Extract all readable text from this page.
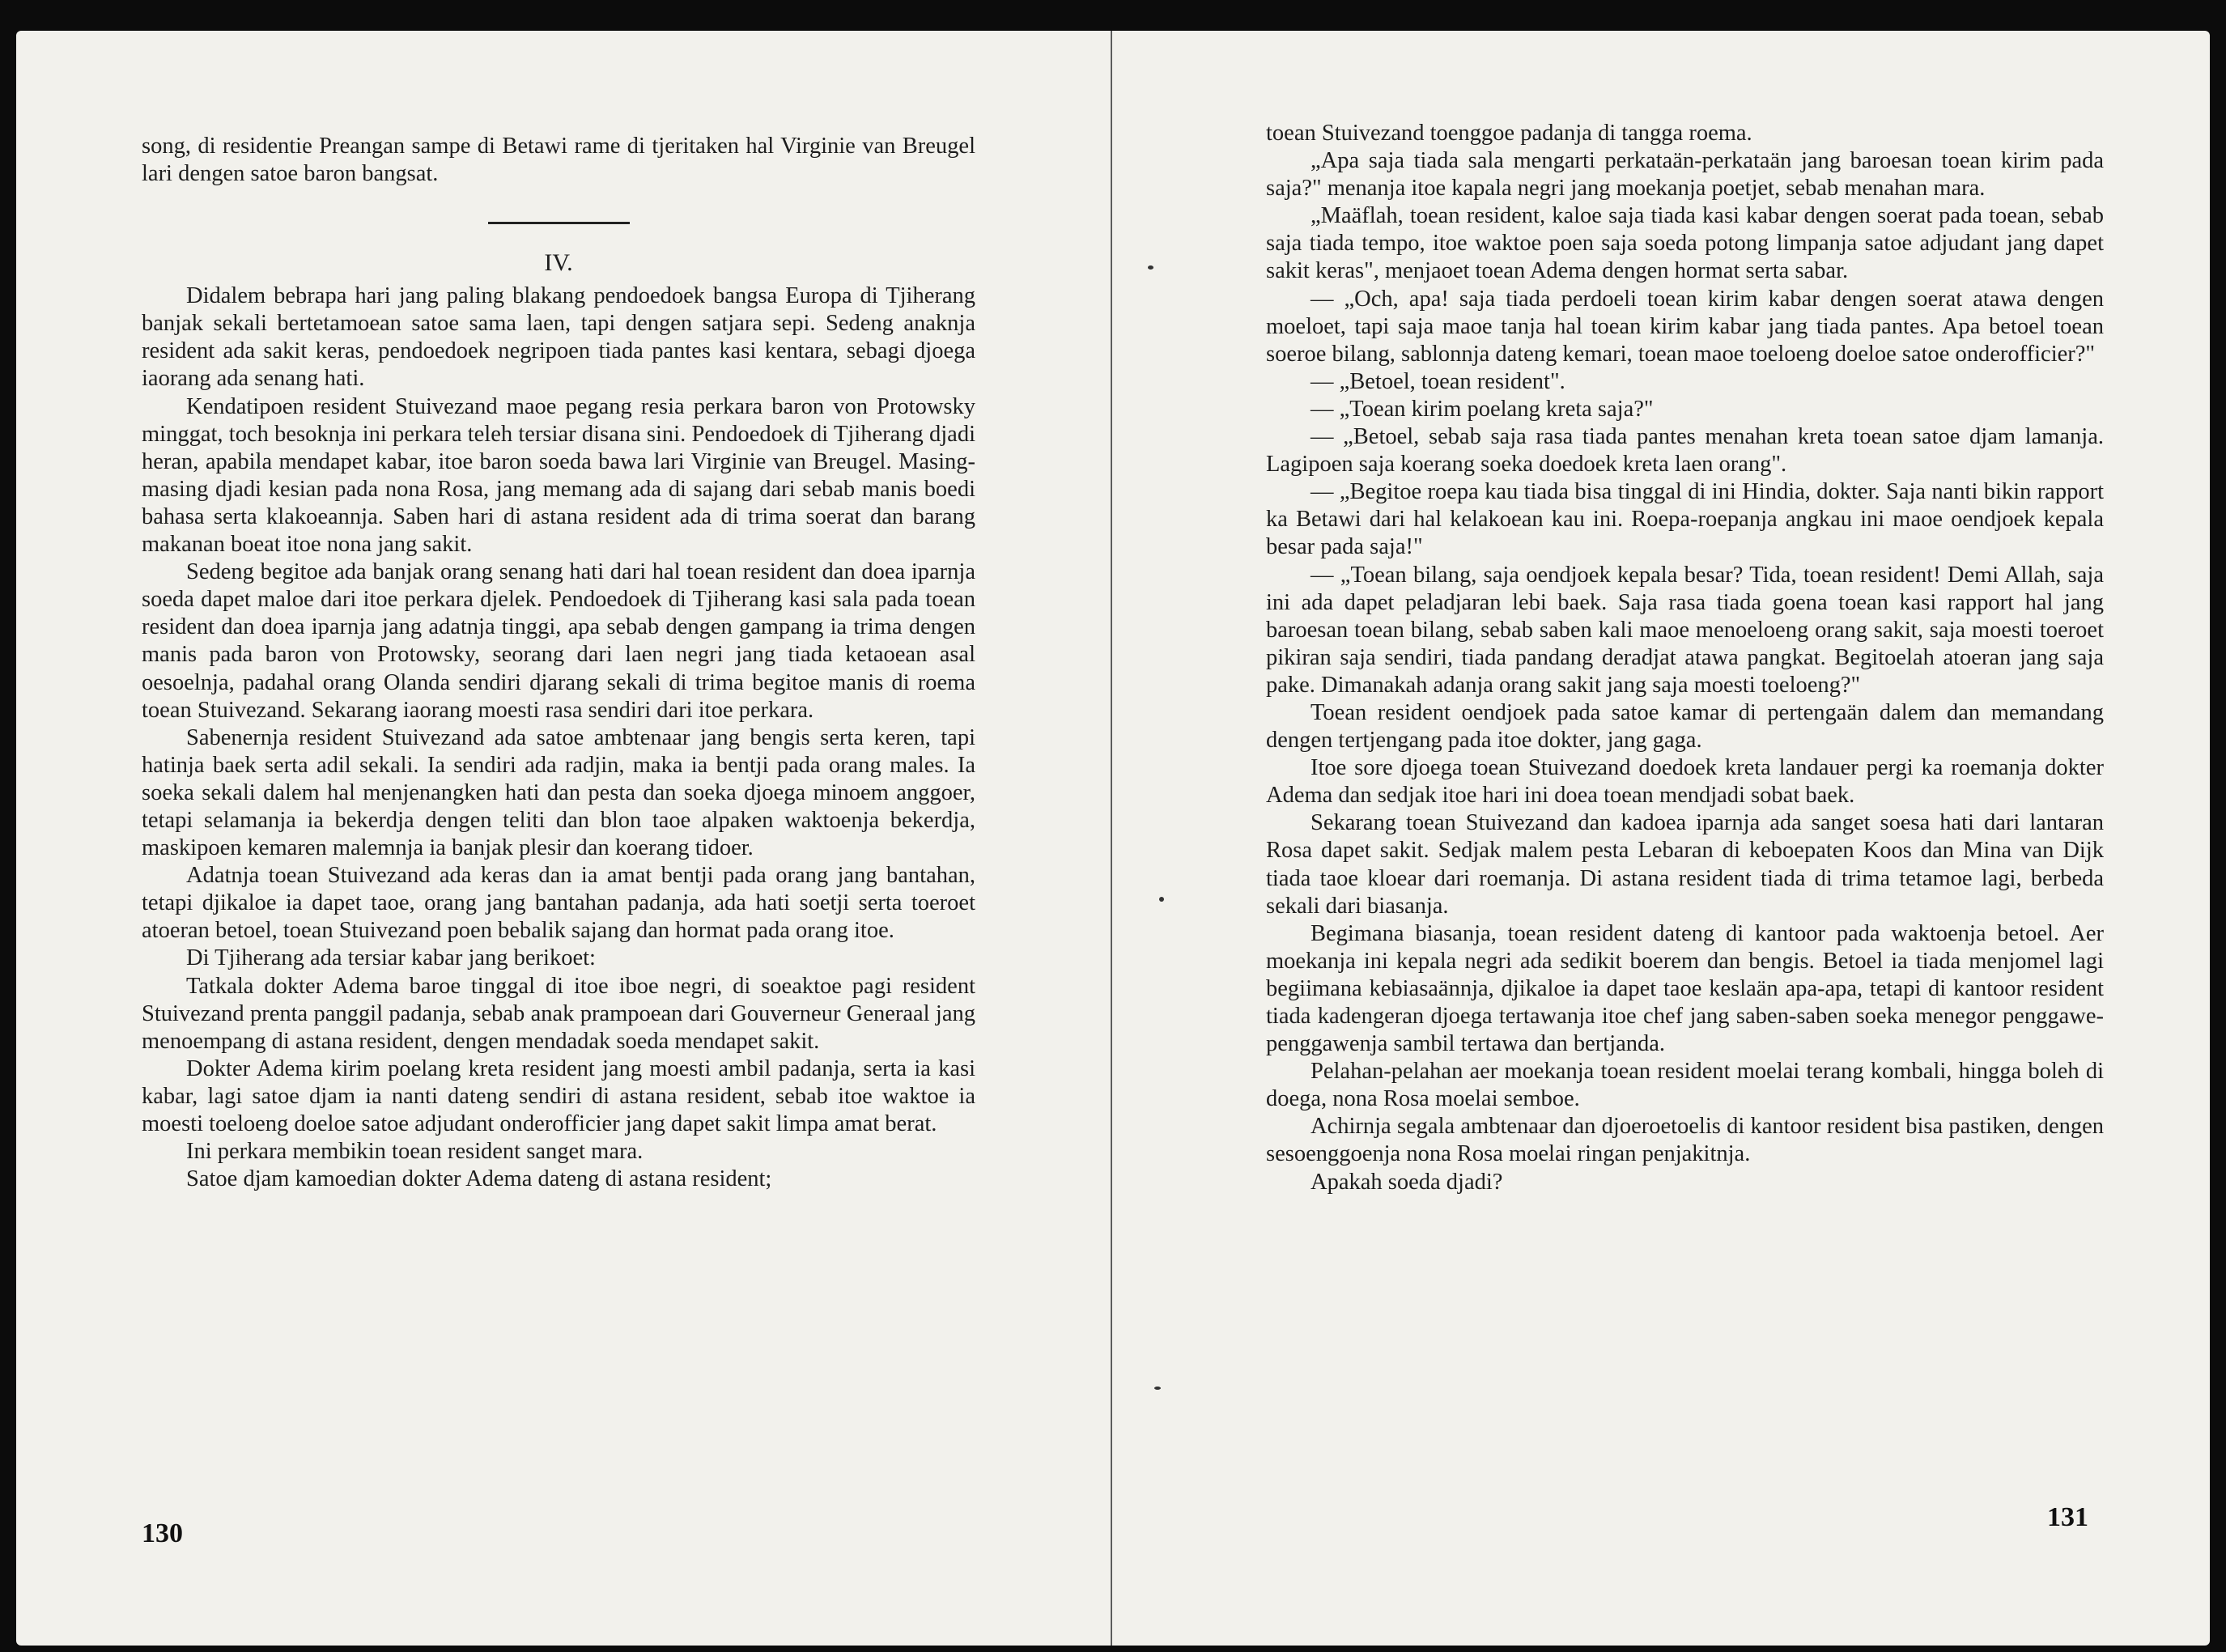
song, di residentie Preangan sampe di Betawi rame di tjeritaken hal Virginie van Breugel lari dengen satoe baron bangsat.

IV.

Didalem bebrapa hari jang paling blakang pendoedoek bangsa Europa di Tjiherang banjak sekali bertetamoean satoe sama laen, tapi dengen satjara sepi. Sedeng anaknja resident ada sakit keras, pendoedoek negripoen tiada pantes kasi kentara, sebagi djoega iaorang ada senang hati.

Kendatipoen resident Stuivezand maoe pegang resia perkara baron von Protowsky minggat, toch besoknja ini perkara teleh tersiar disana sini. Pendoedoek di Tjiherang djadi heran, apabila mendapet kabar, itoe baron soeda bawa lari Virginie van Breugel. Masing-masing djadi kesian pada nona Rosa, jang memang ada di sajang dari sebab manis boedi bahasa serta klakoeannja. Saben hari di astana resident ada di trima soerat dan barang makanan boeat itoe nona jang sakit.

Sedeng begitoe ada banjak orang senang hati dari hal toean resident dan doea iparnja soeda dapet maloe dari itoe perkara djelek. Pendoedoek di Tjiherang kasi sala pada toean resident dan doea iparnja jang adatnja tinggi, apa sebab dengen gampang ia trima dengen manis pada baron von Protowsky, seorang dari laen negri jang tiada ketaoean asal oesoelnja, padahal orang Olanda sendiri djarang sekali di trima begitoe manis di roema toean Stuivezand. Sekarang iaorang moesti rasa sendiri dari itoe perkara.

Sabenernja resident Stuivezand ada satoe ambtenaar jang bengis serta keren, tapi hatinja baek serta adil sekali. Ia sendiri ada radjin, maka ia bentji pada orang males. Ia soeka sekali dalem hal menjenangken hati dan pesta dan soeka djoega minoem anggoer, tetapi selamanja ia bekerdja dengen teliti dan blon taoe alpaken waktoenja bekerdja, maskipoen kemaren malemnja ia banjak plesir dan koerang tidoer.

Adatnja toean Stuivezand ada keras dan ia amat bentji pada orang jang bantahan, tetapi djikaloe ia dapet taoe, orang jang bantahan padanja, ada hati soetji serta toeroet atoeran betoel, toean Stuivezand poen bebalik sajang dan hormat pada orang itoe.

Di Tjiherang ada tersiar kabar jang berikoet:

Tatkala dokter Adema baroe tinggal di itoe iboe negri, di soeaktoe pagi resident Stuivezand prenta panggil padanja, sebab anak prampoean dari Gouverneur Generaal jang menoempang di astana resident, dengen mendadak soeda mendapet sakit.

Dokter Adema kirim poelang kreta resident jang moesti ambil padanja, serta ia kasi kabar, lagi satoe djam ia nanti dateng sendiri di astana resident, sebab itoe waktoe ia moesti toeloeng doeloe satoe adjudant onderofficier jang dapet sakit limpa amat berat.

Ini perkara membikin toean resident sanget mara.

Satoe djam kamoedian dokter Adema dateng di astana resident;

130

toean Stuivezand toenggoe padanja di tangga roema.

„Apa saja tiada sala mengarti perkataän-perkataän jang baroesan toean kirim pada saja?" menanja itoe kapala negri jang moekanja poetjet, sebab menahan mara.

„Maäflah, toean resident, kaloe saja tiada kasi kabar dengen soerat pada toean, sebab saja tiada tempo, itoe waktoe poen saja soeda potong limpanja satoe adjudant jang dapet sakit keras", menjaoet toean Adema dengen hormat serta sabar.

— „Och, apa! saja tiada perdoeli toean kirim kabar dengen soerat atawa dengen moeloet, tapi saja maoe tanja hal toean kirim kabar jang tiada pantes. Apa betoel toean soeroe bilang, sablonnja dateng kemari, toean maoe toeloeng doeloe satoe onderofficier?"

— „Betoel, toean resident".

— „Toean kirim poelang kreta saja?"

— „Betoel, sebab saja rasa tiada pantes menahan kreta toean satoe djam lamanja. Lagipoen saja koerang soeka doedoek kreta laen orang".

— „Begitoe roepa kau tiada bisa tinggal di ini Hindia, dokter. Saja nanti bikin rapport ka Betawi dari hal kelakoean kau ini. Roepa-roepanja angkau ini maoe oendjoek kepala besar pada saja!"

— „Toean bilang, saja oendjoek kepala besar? Tida, toean resident! Demi Allah, saja ini ada dapet peladjaran lebi baek. Saja rasa tiada goena toean kasi rapport hal jang baroesan toean bilang, sebab saben kali maoe menoeloeng orang sakit, saja moesti toeroet pikiran saja sendiri, tiada pandang deradjat atawa pangkat. Begitoelah atoeran jang saja pake. Dimanakah adanja orang sakit jang saja moesti toeloeng?"

Toean resident oendjoek pada satoe kamar di pertengaän dalem dan memandang dengen tertjengang pada itoe dokter, jang gaga.

Itoe sore djoega toean Stuivezand doedoek kreta landauer pergi ka roemanja dokter Adema dan sedjak itoe hari ini doea toean mendjadi sobat baek.

Sekarang toean Stuivezand dan kadoea iparnja ada sanget soesa hati dari lantaran Rosa dapet sakit. Sedjak malem pesta Lebaran di keboepaten Koos dan Mina van Dijk tiada taoe kloear dari roemanja. Di astana resident tiada di trima tetamoe lagi, berbeda sekali dari biasanja.

Begimana biasanja, toean resident dateng di kantoor pada waktoenja betoel. Aer moekanja ini kepala negri ada sedikit boerem dan bengis. Betoel ia tiada menjomel lagi begiimana kebiasaännja, djikaloe ia dapet taoe keslaän apa-apa, tetapi di kantoor resident tiada kadengeran djoega tertawanja itoe chef jang saben-saben soeka menegor penggawe-penggawenja sambil tertawa dan bertjanda.

Pelahan-pelahan aer moekanja toean resident moelai terang kombali, hingga boleh di doega, nona Rosa moelai semboe.

Achirnja segala ambtenaar dan djoeroetoelis di kantoor resident bisa pastiken, dengen sesoenggoenja nona Rosa moelai ringan penjakitnja.

Apakah soeda djadi?

131
